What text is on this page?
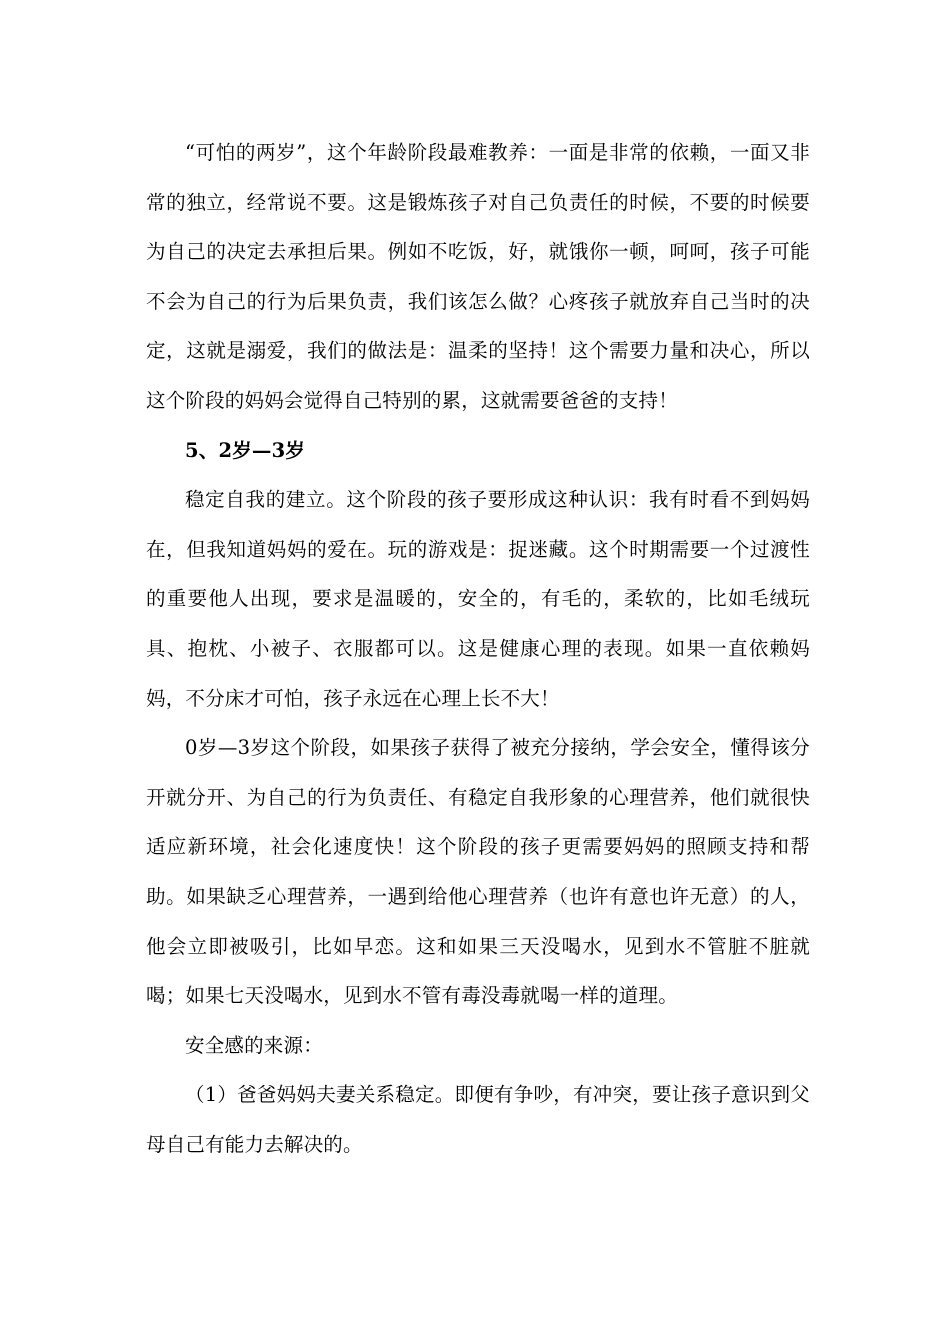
“可怕的两岁”，这个年龄阶段最难教养：一面是非常的依赖，一面又非常的独立，经常说不要。这是锻炼孩子对自己负责任的时候，不要的时候要为自己的决定去承担后果。例如不吃饭，好，就饿你一顿，呵呵，孩子可能不会为自己的行为后果负责，我们该怎么做？心疼孩子就放弃自己当时的决定，这就是溺爱，我们的做法是：温柔的坚持！这个需要力量和决心，所以这个阶段的妈妈会觉得自己特别的累，这就需要爸爸的支持！

5、2岁—3岁

稳定自我的建立。这个阶段的孩子要形成这种认识：我有时看不到妈妈在，但我知道妈妈的爱在。玩的游戏是：捉迷藏。这个时期需要一个过渡性的重要他人出现，要求是温暖的，安全的，有毛的，柔软的，比如毛绒玩具、抱枕、小被子、衣服都可以。这是健康心理的表现。如果一直依赖妈妈，不分床才可怕，孩子永远在心理上长不大！

0岁—3岁这个阶段，如果孩子获得了被充分接纳，学会安全，懂得该分开就分开、为自己的行为负责任、有稳定自我形象的心理营养，他们就很快适应新环境，社会化速度快！这个阶段的孩子更需要妈妈的照顾支持和帮助。如果缺乏心理营养，一遇到给他心理营养（也许有意也许无意）的人，他会立即被吸引，比如早恋。这和如果三天没喝水，见到水不管脏不脏就喝；如果七天没喝水，见到水不管有毒没毒就喝一样的道理。

安全感的来源：

（1）爸爸妈妈夫妻关系稳定。即便有争吵，有冲突，要让孩子意识到父母自己有能力去解决的。
